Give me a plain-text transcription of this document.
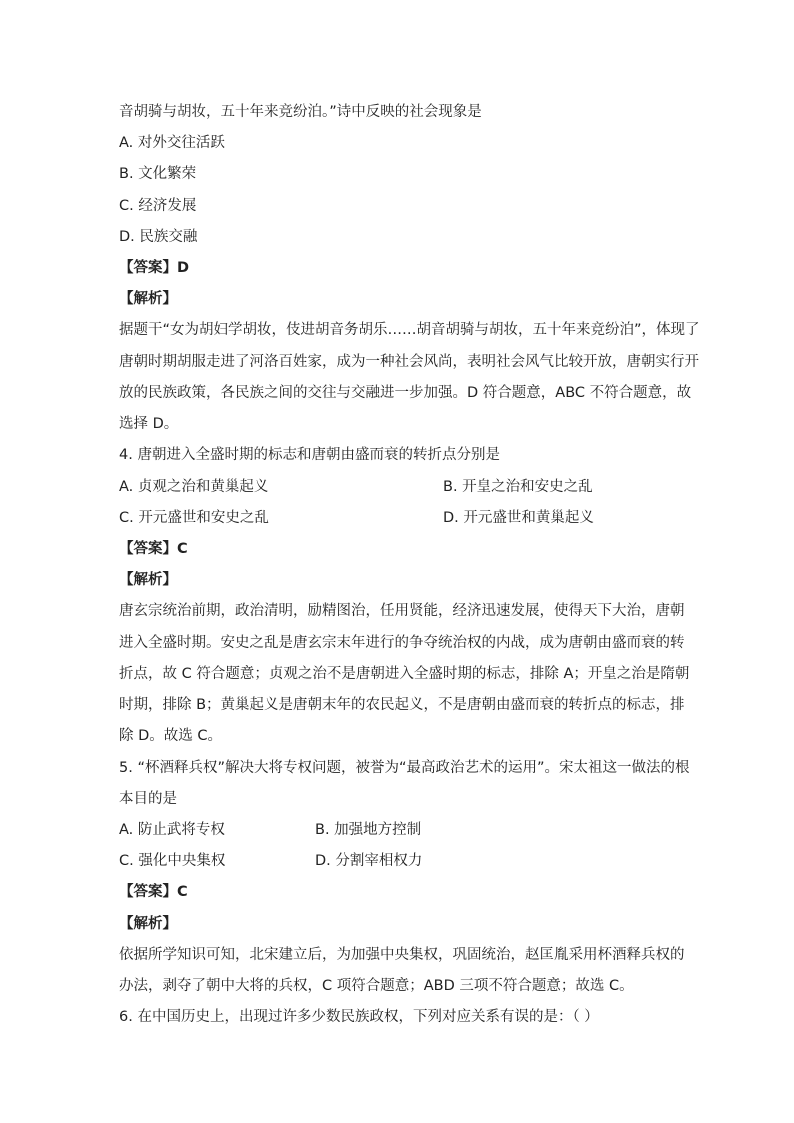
音胡骑与胡妆，五十年来竞纷泊。”诗中反映的社会现象是
A. 对外交往活跃
B. 文化繁荣
C. 经济发展
D. 民族交融
【答案】D
【解析】
据题干“女为胡妇学胡妆，伎进胡音务胡乐……胡音胡骑与胡妆，五十年来竞纷泊”，体现了
唐朝时期胡服走进了河洛百姓家，成为一种社会风尚，表明社会风气比较开放，唐朝实行开
放的民族政策，各民族之间的交往与交融进一步加强。D 符合题意，ABC 不符合题意，故
选择 D。
4. 唐朝进入全盛时期的标志和唐朝由盛而衰的转折点分别是
A. 贞观之治和黄巢起义	B. 开皇之治和安史之乱
C. 开元盛世和安史之乱	D. 开元盛世和黄巢起义
【答案】C
【解析】
唐玄宗统治前期，政治清明，励精图治，任用贤能，经济迅速发展，使得天下大治，唐朝
进入全盛时期。安史之乱是唐玄宗末年进行的争夺统治权的内战，成为唐朝由盛而衰的转
折点，故 C 符合题意；贞观之治不是唐朝进入全盛时期的标志，排除 A；开皇之治是隋朝
时期，排除 B；黄巢起义是唐朝末年的农民起义，不是唐朝由盛而衰的转折点的标志，排
除 D。故选 C。
5. “杯酒释兵权”解决大将专权问题，被誉为“最高政治艺术的运用”。宋太祖这一做法的根
本目的是
A. 防止武将专权	B. 加强地方控制
C. 强化中央集权	D. 分割宰相权力
【答案】C
【解析】
依据所学知识可知，北宋建立后，为加强中央集权，巩固统治，赵匡胤采用杯酒释兵权的
办法，剥夺了朝中大将的兵权，C 项符合题意；ABD 三项不符合题意；故选 C。
6. 在中国历史上，出现过许多少数民族政权，下列对应关系有误的是：（ ）
